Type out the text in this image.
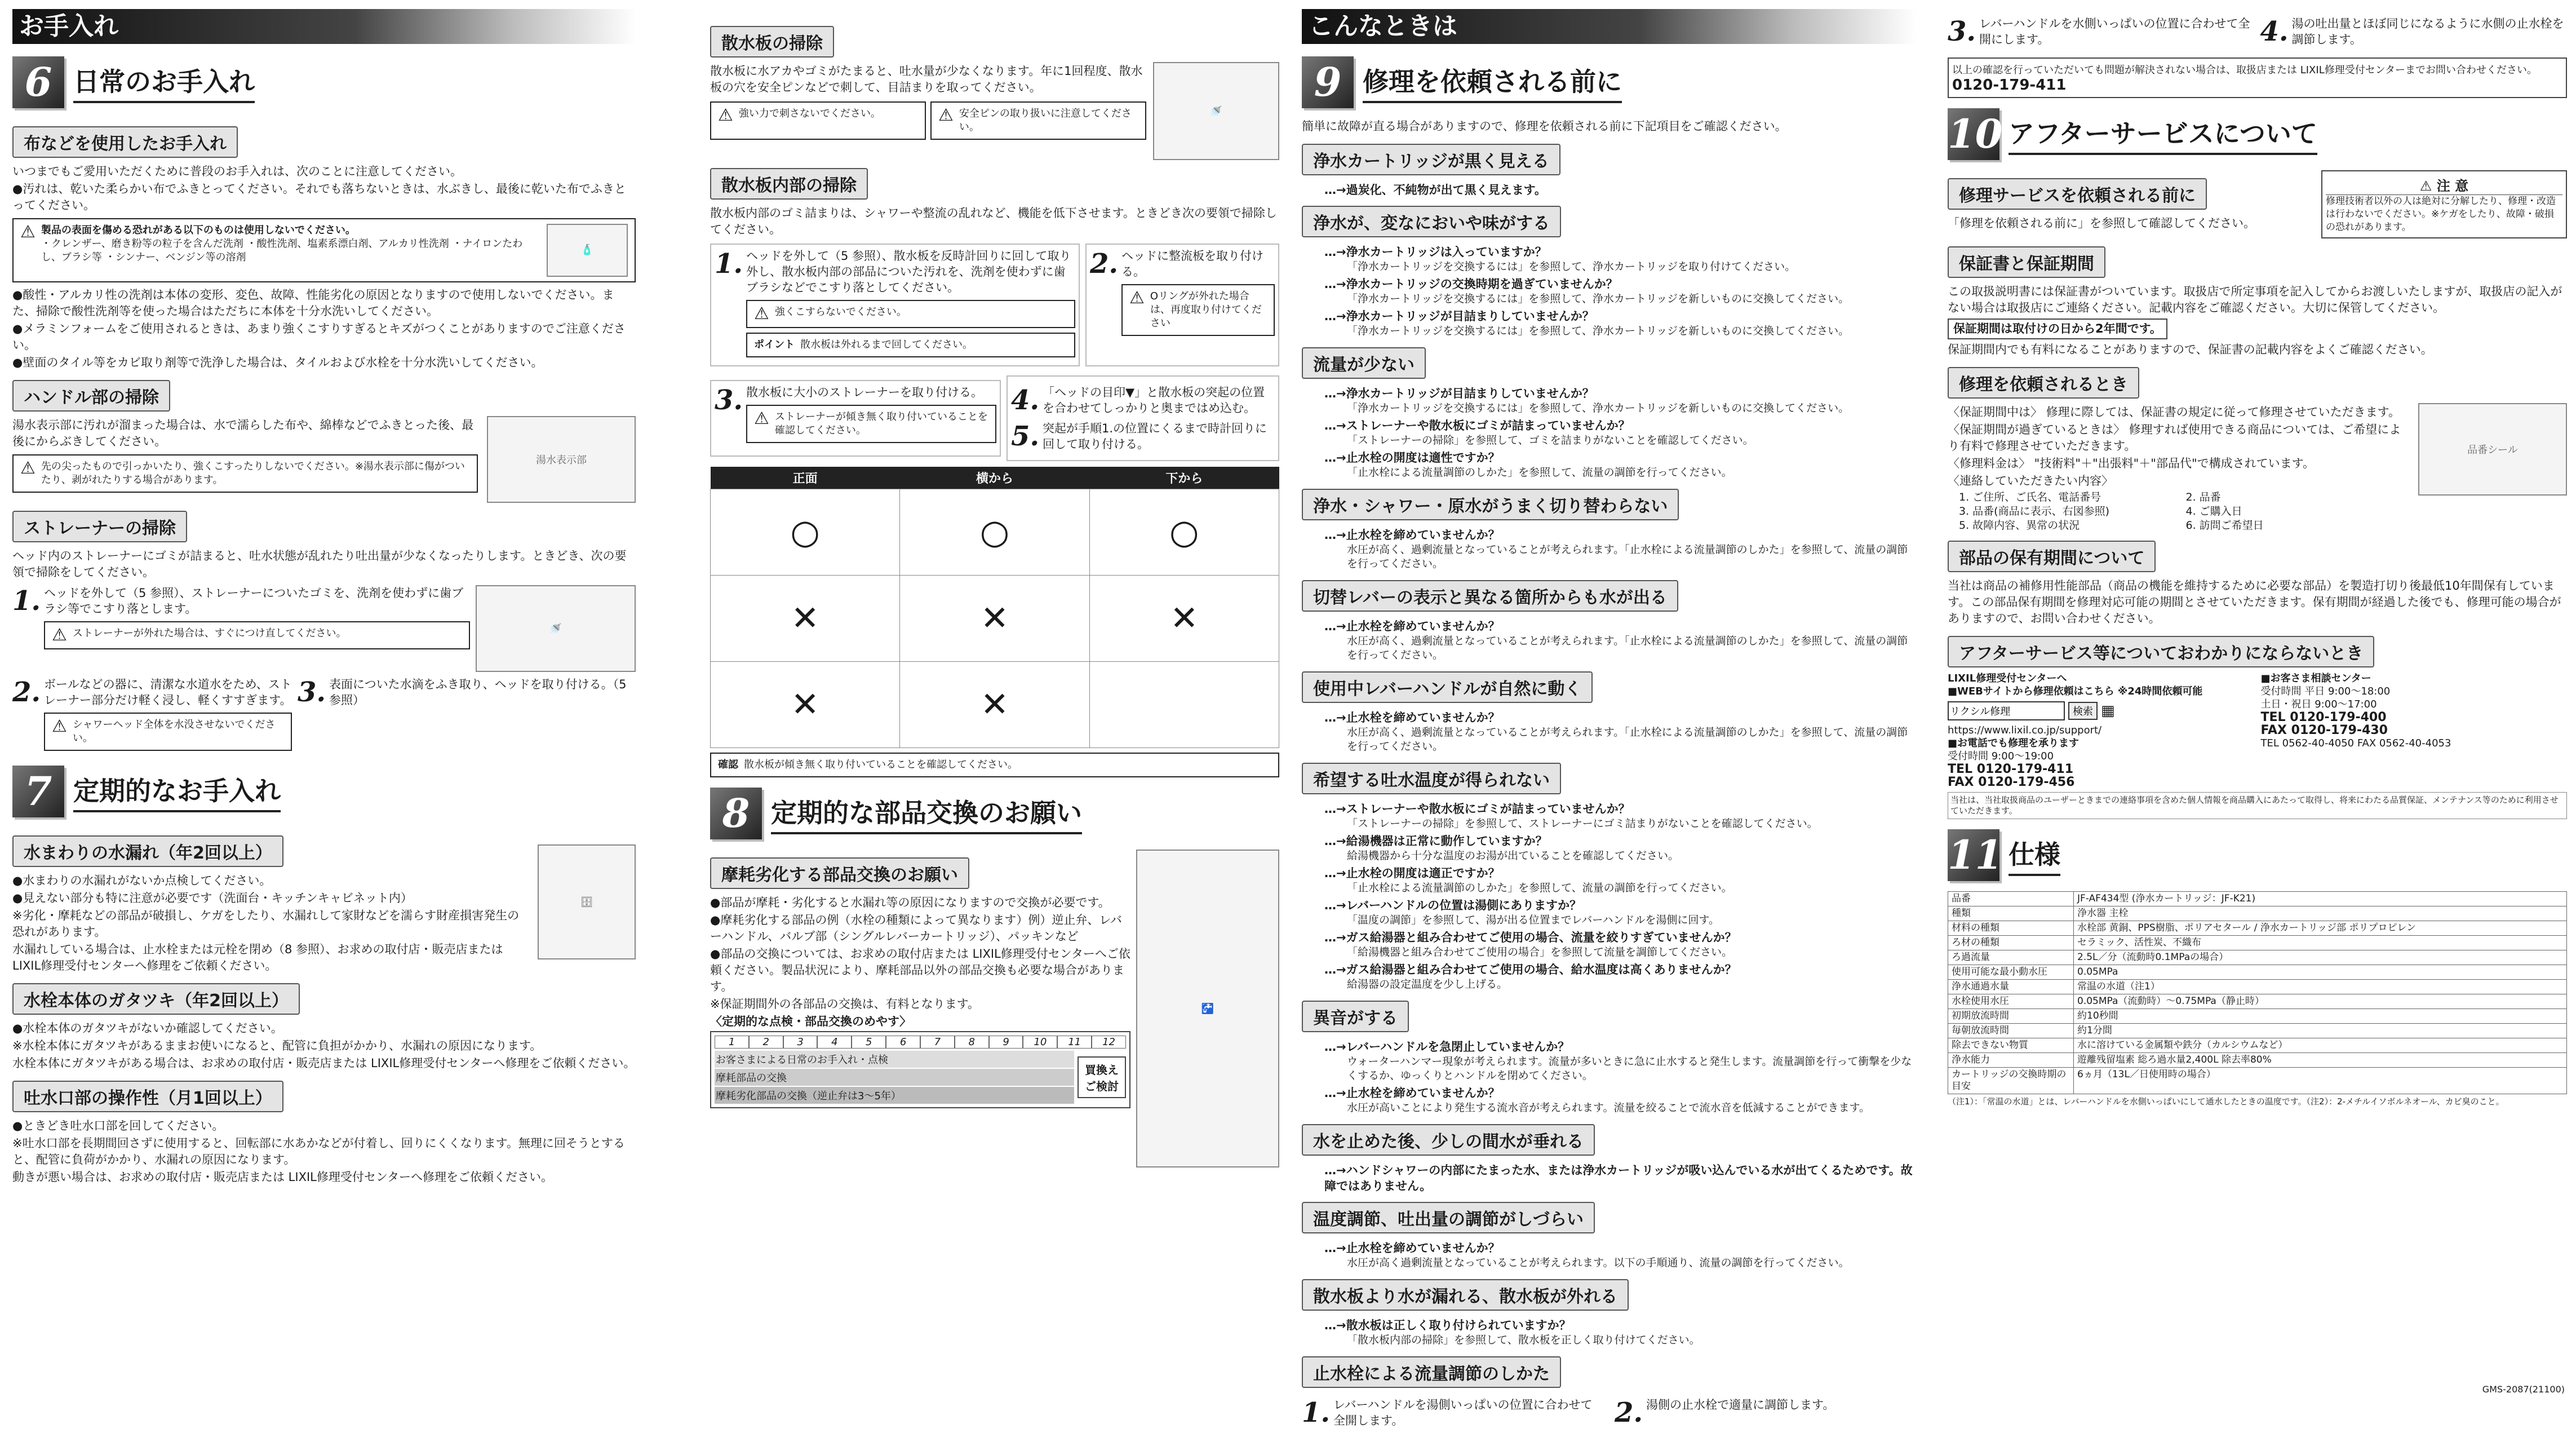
お手入れ
6 日常のお手入れ
布などを使用したお手入れ

いつまでもご愛用いただくために普段のお手入れは、次のことに注意してください。

●汚れは、乾いた柔らかい布でふきとってください。それでも落ちないときは、水ぶきし、最後に乾いた布でふきとってください。

⚠ 製品の表面を傷める恐れがある以下のものは使用しないでください。
・クレンザー、磨き粉等の粒子を含んだ洗剤 ・酸性洗剤、塩素系漂白剤、アルカリ性洗剤 ・ナイロンたわし、ブラシ等 ・シンナー、ベンジン等の溶剤
🧴

●酸性・アルカリ性の洗剤は本体の変形、変色、故障、性能劣化の原因となりますので使用しないでください。また、掃除で酸性洗剤等を使った場合はただちに本体を十分水洗いしてください。

●メラミンフォームをご使用されるときは、あまり強くこすりすぎるとキズがつくことがありますのでご注意ください。

●壁面のタイル等をカビ取り剤等で洗浄した場合は、タイルおよび水栓を十分水洗いしてください。

ハンドル部の掃除

湯水表示部に汚れが溜まった場合は、水で濡らした布や、綿棒などでふきとった後、最後にからぶきしてください。

⚠ 先の尖ったもので引っかいたり、強くこすったりしないでください。※湯水表示部に傷がついたり、剥がれたりする場合があります。
湯水表示部
ストレーナーの掃除

ヘッド内のストレーナーにゴミが詰まると、吐水状態が乱れたり吐出量が少なくなったりします。ときどき、次の要領で掃除をしてください。

1. ヘッドを外して（5 参照）、ストレーナーについたゴミを、洗剤を使わずに歯ブラシ等でこすり落とします。
⚠ ストレーナーが外れた場合は、すぐにつけ直してください。	🚿
2. ボールなどの器に、清潔な水道水をため、ストレーナー部分だけ軽く浸し、軽くすすぎます。
⚠ シャワーヘッド全体を水没させないでください。
3. 表面についた水滴をふき取り、ヘッドを取り付ける。（5 参照）
7 定期的なお手入れ
水まわりの水漏れ（年2回以上）

●水まわりの水漏れがないか点検してください。

●見えない部分も特に注意が必要です（洗面台・キッチンキャビネット内）

※劣化・摩耗などの部品が破損し、ケガをしたり、水漏れして家財などを濡らす財産損害発生の恐れがあります。

水漏れしている場合は、止水栓または元栓を閉め（8 参照）、お求めの取付店・販売店または LIXIL修理受付センターへ修理をご依頼ください。

🗄
水栓本体のガタツキ（年2回以上）

●水栓本体のガタツキがないか確認してください。

※水栓本体にガタツキがあるままお使いになると、配管に負担がかかり、水漏れの原因になります。

水栓本体にガタツキがある場合は、お求めの取付店・販売店または LIXIL修理受付センターへ修理をご依頼ください。

吐水口部の操作性（月1回以上）

●ときどき吐水口部を回してください。

※吐水口部を長期間回さずに使用すると、回転部に水あかなどが付着し、回りにくくなります。無理に回そうとすると、配管に負荷がかかり、水漏れの原因になります。

動きが悪い場合は、お求めの取付店・販売店または LIXIL修理受付センターへ修理をご依頼ください。

散水板の掃除

散水板に水アカやゴミがたまると、吐水量が少なくなります。年に1回程度、散水板の穴を安全ピンなどで刺して、目詰まりを取ってください。

⚠ 強い力で刺さないでください。	⚠ 安全ピンの取り扱いに注意してください。
🚿
散水板内部の掃除

散水板内部のゴミ詰まりは、シャワーや整流の乱れなど、機能を低下させます。ときどき次の要領で掃除してください。

1. ヘッドを外して（5 参照）、散水板を反時計回りに回して取り外し、散水板内部の部品についた汚れを、洗剤を使わずに歯ブラシなどでこすり落としてください。
⚠ 強くこすらないでください。
ポイント 散水板は外れるまで回してください。
2. ヘッドに整流板を取り付ける。
⚠ Oリングが外れた場合は、再度取り付けてください
3. 散水板に大小のストレーナーを取り付ける。
⚠ ストレーナーが傾き無く取り付いていることを確認してください。
4. 「ヘッドの目印▼」と散水板の突起の位置を合わせてしっかりと奥まではめ込む。
5. 突起が手順1.の位置にくるまで時計回りに回して取り付ける。
正面	横から	下から
○	○	○
✕	✕	✕
✕	✕	
確認 散水板が傾き無く取り付いていることを確認してください。
8 定期的な部品交換のお願い
摩耗劣化する部品交換のお願い

●部品が摩耗・劣化すると水漏れ等の原因になりますので交換が必要です。

●摩耗劣化する部品の例（水栓の種類によって異なります）例）逆止弁、レバーハンドル、バルブ部（シングルレバーカートリッジ）、パッキンなど

●部品の交換については、お求めの取付店または LIXIL修理受付センターへご依頼ください。製品状況により、摩耗部品以外の部品交換も必要な場合があります。

※保証期間外の各部品の交換は、有料となります。

〈定期的な点検・部品交換のめやす〉

1	2	3	4	5	6	7	8	9	10	11	12
お客さまによる日常のお手入れ・点検
摩耗部品の交換
摩耗劣化部品の交換（逆止弁は3〜5年）
買換え ご検討
🚰
こんなときは
9 修理を依頼される前に

簡単に故障が直る場合がありますので、修理を依頼される前に下記項目をご確認ください。

浄水カートリッジが黒く見える
…→ 過炭化、不純物が出て黒く見えます。
浄水が、変なにおいや味がする
…→ 浄水カートリッジは入っていますか？
「浄水カートリッジを交換するには」を参照して、浄水カートリッジを取り付けてください。
…→ 浄水カートリッジの交換時期を過ぎていませんか？
「浄水カートリッジを交換するには」を参照して、浄水カートリッジを新しいものに交換してください。
…→ 浄水カートリッジが目詰まりしていませんか？
「浄水カートリッジを交換するには」を参照して、浄水カートリッジを新しいものに交換してください。
流量が少ない
…→ 浄水カートリッジが目詰まりしていませんか？
「浄水カートリッジを交換するには」を参照して、浄水カートリッジを新しいものに交換してください。
…→ ストレーナーや散水板にゴミが詰まっていませんか？
「ストレーナーの掃除」を参照して、ゴミを詰まりがないことを確認してください。
…→ 止水栓の開度は適性ですか？
「止水栓による流量調節のしかた」を参照して、流量の調節を行ってください。
浄水・シャワー・原水がうまく切り替わらない
…→ 止水栓を締めていませんか？
水圧が高く、過剰流量となっていることが考えられます。「止水栓による流量調節のしかた」を参照して、流量の調節を行ってください。
切替レバーの表示と異なる箇所からも水が出る
…→ 止水栓を締めていませんか？
水圧が高く、過剰流量となっていることが考えられます。「止水栓による流量調節のしかた」を参照して、流量の調節を行ってください。
使用中レバーハンドルが自然に動く
…→ 止水栓を締めていませんか？
水圧が高く、過剰流量となっていることが考えられます。「止水栓による流量調節のしかた」を参照して、流量の調節を行ってください。
希望する吐水温度が得られない
…→ ストレーナーや散水板にゴミが詰まっていませんか？
「ストレーナーの掃除」を参照して、ストレーナーにゴミ詰まりがないことを確認してください。
…→ 給湯機器は正常に動作していますか？
給湯機器から十分な温度のお湯が出ていることを確認してください。
…→ 止水栓の開度は適正ですか？
「止水栓による流量調節のしかた」を参照して、流量の調節を行ってください。
…→ レバーハンドルの位置は湯側にありますか？
「温度の調節」を参照して、湯が出る位置までレバーハンドルを湯側に回す。
…→ ガス給湯器と組み合わせてご使用の場合、流量を絞りすぎていませんか？
「給湯機器と組み合わせてご使用の場合」を参照して流量を調節してください。
…→ ガス給湯器と組み合わせてご使用の場合、給水温度は高くありませんか？
給湯器の設定温度を少し上げる。
異音がする
…→ レバーハンドルを急閉止していませんか？
ウォーターハンマー現象が考えられます。流量が多いときに急に止水すると発生します。流量調節を行って衝撃を少なくするか、ゆっくりとハンドルを閉めてください。
…→ 止水栓を締めていませんか？
水圧が高いことにより発生する流水音が考えられます。流量を絞ることで流水音を低減することができます。
水を止めた後、少しの間水が垂れる
…→ ハンドシャワーの内部にたまった水、または浄水カートリッジが吸い込んでいる水が出てくるためです。故障ではありません。
温度調節、吐出量の調節がしづらい
…→ 止水栓を締めていませんか？
水圧が高く過剰流量となっていることが考えられます。以下の手順通り、流量の調節を行ってください。
散水板より水が漏れる、散水板が外れる
…→ 散水板は正しく取り付けられていますか？
「散水板内部の掃除」を参照して、散水板を正しく取り付けてください。
止水栓による流量調節のしかた
1. レバーハンドルを湯側いっぱいの位置に合わせて全開します。	2. 湯側の止水栓で適量に調節します。
3. レバーハンドルを水側いっぱいの位置に合わせて全開にします。	4. 湯の吐出量とほぼ同じになるように水側の止水栓を調節します。
以上の確認を行っていただいても問題が解決されない場合は、取扱店または LIXIL修理受付センターまでお問い合わせください。 0120-179-411
10 アフターサービスについて
修理サービスを依頼される前に

「修理を依頼される前に」を参照して確認してください。

⚠ 注 意
修理技術者以外の人は絶対に分解したり、修理・改造は行わないでください。※ケガをしたり、故障・破損の恐れがあります。
保証書と保証期間

この取扱説明書には保証書がついています。取扱店で所定事項を記入してからお渡しいたしますが、取扱店の記入がない場合は取扱店にご連絡ください。記載内容をご確認ください。大切に保管してください。

保証期間は取付けの日から2年間です。

保証期間内でも有料になることがありますので、保証書の記載内容をよくご確認ください。

修理を依頼されるとき

〈保証期間中は〉 修理に際しては、保証書の規定に従って修理させていただきます。

〈保証期間が過ぎているときは〉 修理すれば使用できる商品については、ご希望により有料で修理させていただきます。

〈修理料金は〉 "技術料"＋"出張料"＋"部品代"で構成されています。

〈連絡していただきたい内容〉

1. ご住所、ご氏名、電話番号	2. 品番
3. 品番(商品に表示、右図参照)	4. ご購入日
5. 故障内容、異常の状況	6. 訪問ご希望日
品番シール
部品の保有期間について

当社は商品の補修用性能部品（商品の機能を維持するために必要な部品）を製造打切り後最低10年間保有しています。この部品保有期間を修理対応可能の期間とさせていただきます。保有期間が経過した後でも、修理可能の場合がありますので、お問い合わせください。

アフターサービス等についておわかりにならないとき
LIXIL修理受付センターへ
■WEBサイトから修理依頼はこちら ※24時間依頼可能
リクシル修理
検索 ▦
https://www.lixil.co.jp/support/
■お電話でも修理を承ります
受付時間 9:00〜19:00
TEL 0120-179-411
FAX 0120-179-456
■お客さま相談センター
受付時間 平日 9:00〜18:00
土日・祝日 9:00〜17:00
TEL 0120-179-400
FAX 0120-179-430
TEL 0562-40-4050 FAX 0562-40-4053
当社は、当社取扱商品のユーザーときまでの連絡事項を含めた個人情報を商品購入にあたって取得し、将来にわたる品質保証、メンテナンス等のために利用させていただきます。
11 仕様
品番	JF-AF434型 (浄水カートリッジ：JF-K21)
種類	浄水器 主栓
材料の種類	水栓部 黄銅、PPS樹脂、ポリアセタール / 浄水カートリッジ部 ポリプロピレン
ろ材の種類	セラミック、活性炭、不織布
ろ過流量	2.5L／分（流動時0.1MPaの場合）
使用可能な最小動水圧	0.05MPa
浄水通過水量	常温の水道（注1）
水栓使用水圧	0.05MPa（流動時）〜0.75MPa（静止時）
初期放流時間	約10秒間
毎朝放流時間	約1分間
除去できない物質	水に溶けている金属類や鉄分（カルシウムなど）
浄水能力	遊離残留塩素 総ろ過水量2,400L 除去率80%
カートリッジの交換時期の目安	6ヵ月（13L／日使用時の場合）
（注1）：「常温の水道」とは、レバーハンドルを水側いっぱいにして通水したときの温度です。（注2）：2-メチルイソボルネオール、カビ臭のこと。
GMS-2087(21100)
